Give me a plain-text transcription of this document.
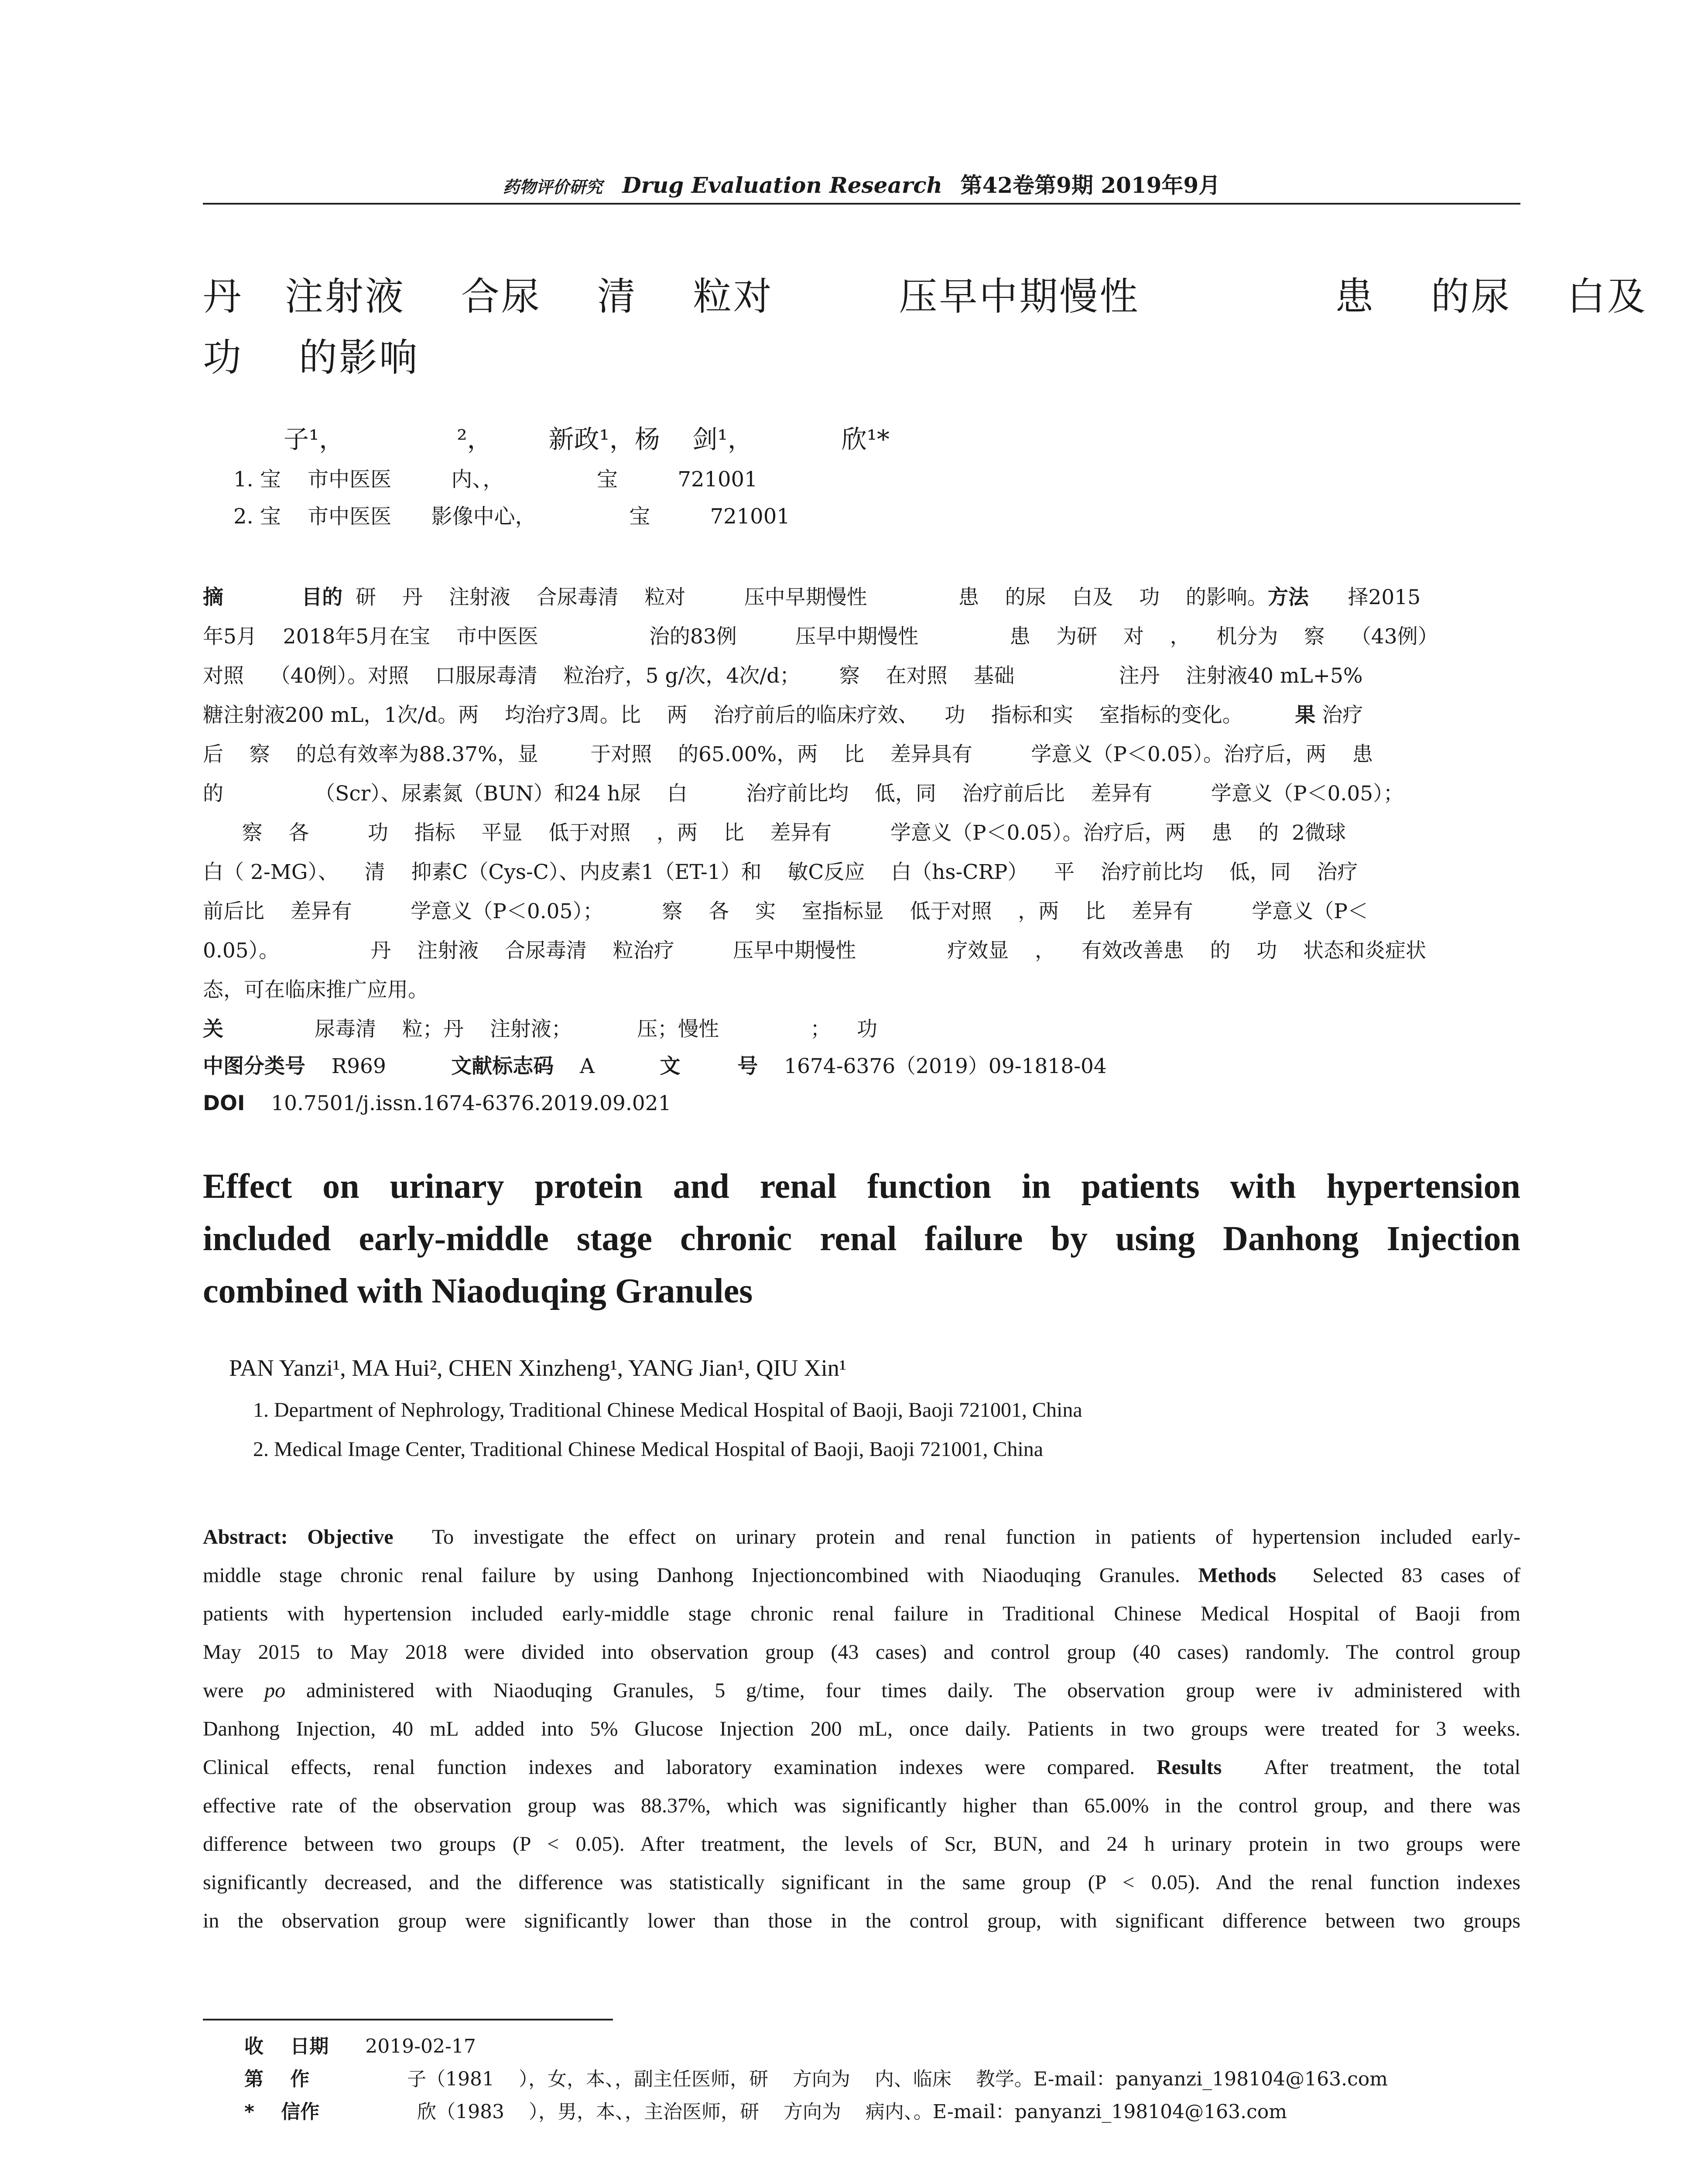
药物评价研究 Drug Evaluation Research 第42卷第9期 2019年9月
丹   注射液    合尿    清    粒对         压早中期慢性              患    的尿    白及
功    的影响
子¹，              ²，       新政¹，杨    剑¹，           欣¹*
1. 宝    市中医医         内、，              宝         721001
2. 宝    市中医医      影像中心，              宝         721001
摘	目的 研    丹    注射液    合尿毒清    粒对         压中早期慢性              患    的尿    白及    功    的影响。方法 择2015
年5月    2018年5月在宝    市中医医                 治的83例         压早中期慢性              患    为研    对    ，    机分为    察    （43例）
对照    （40例）。对照    口服尿毒清    粒治疗，5 g/次，4次/d；      察    在对照    基础                注丹    注射液40 mL+5%
糖注射液200 mL，1次/d。两    均治疗3周。比    两    治疗前后的临床疗效、    功    指标和实    室指标的变化。	果 治疗
后    察    的总有效率为88.37%，显        于对照    的65.00%，两    比    差异具有         学意义（P＜0.05）。治疗后，两    患
的              （Scr）、尿素氮（BUN）和24 h尿    白         治疗前比均    低，同    治疗前后比    差异有         学意义（P＜0.05）；
察    各         功    指标    平显    低于对照    ，两    比    差异有         学意义（P＜0.05）。治疗后，两    患    的  2微球
白（ 2-MG）、    清    抑素C（Cys-C）、内皮素1（ET-1）和    敏C反应    白（hs-CRP）    平    治疗前比均    低，同    治疗
前后比    差异有         学意义（P＜0.05）；         察    各    实    室指标显    低于对照    ，两    比    差异有         学意义（P＜
0.05）。              丹    注射液    合尿毒清    粒治疗         压早中期慢性              疗效显    ，    有效改善患    的    功    状态和炎症状
态，可在临床推广应用。
关	尿毒清    粒；丹    注射液；          压；慢性              ；    功
中图分类号 R969	文献标志码 A	文        号 1674-6376（2019）09-1818-04
DOI 10.7501/j.issn.1674-6376.2019.09.021
Effect on urinary protein and renal function in patients with hypertension
included early-middle stage chronic renal failure by using Danhong Injection
combined with Niaoduqing Granules
PAN Yanzi¹, MA Hui², CHEN Xinzheng¹, YANG Jian¹, QIU Xin¹
1. Department of Nephrology, Traditional Chinese Medical Hospital of Baoji, Baoji 721001, China
2. Medical Image Center, Traditional Chinese Medical Hospital of Baoji, Baoji 721001, China
Abstract: Objective To investigate the effect on urinary protein and renal function in patients of hypertension included early-
middle stage chronic renal failure by using Danhong Injectioncombined with Niaoduqing Granules. Methods Selected 83 cases of
patients with hypertension included early-middle stage chronic renal failure in Traditional Chinese Medical Hospital of Baoji from
May 2015 to May 2018 were divided into observation group (43 cases) and control group (40 cases) randomly. The control group
were po administered with Niaoduqing Granules, 5 g/time, four times daily. The observation group were iv administered with
Danhong Injection, 40 mL added into 5% Glucose Injection 200 mL, once daily. Patients in two groups were treated for 3 weeks.
Clinical effects, renal function indexes and laboratory examination indexes were compared. Results After treatment, the total
effective rate of the observation group was 88.37%, which was significantly higher than 65.00% in the control group, and there was
difference between two groups (P < 0.05). After treatment, the levels of Scr, BUN, and 24 h urinary protein in two groups were
significantly decreased, and the difference was statistically significant in the same group (P < 0.05). And the renal function indexes
in the observation group were significantly lower than those in the control group, with significant difference between two groups
收    日期 2019-02-17
第    作	子（1981    ），女，本、，副主任医师，研    方向为    内、临床    教学。E-mail：panyanzi_198104@163.com
*    信作	欣（1983    ），男，本、，主治医师，研    方向为    病内、。E-mail：panyanzi_198104@163.com
